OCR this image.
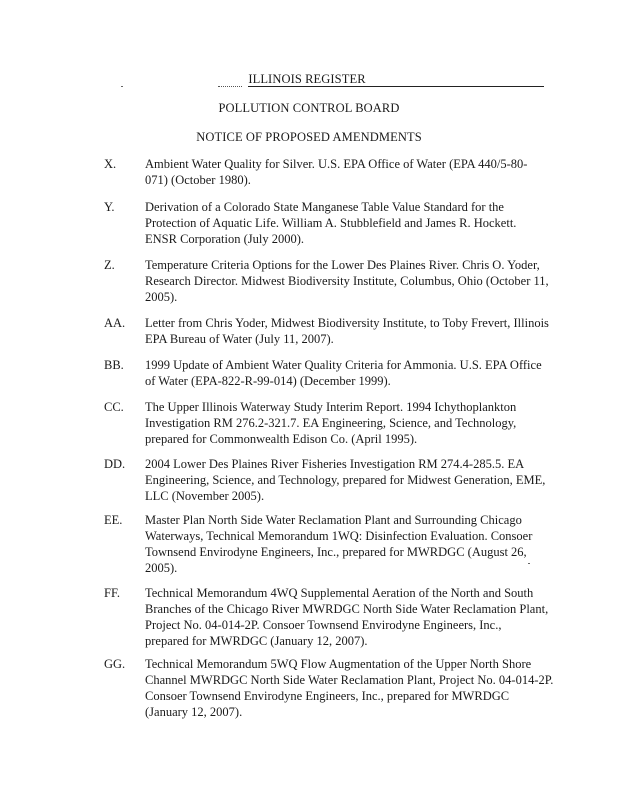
ILLINOIS REGISTER
POLLUTION CONTROL BOARD
NOTICE OF PROPOSED AMENDMENTS
X. Ambient Water Quality for Silver. U.S. EPA Office of Water (EPA 440/5-80-
071) (October 1980).
Y. Derivation of a Colorado State Manganese Table Value Standard for the
Protection of Aquatic Life. William A. Stubblefield and James R. Hockett.
ENSR Corporation (July 2000).
Z. Temperature Criteria Options for the Lower Des Plaines River. Chris O. Yoder,
Research Director. Midwest Biodiversity Institute, Columbus, Ohio (October 11,
2005).
AA. Letter from Chris Yoder, Midwest Biodiversity Institute, to Toby Frevert, Illinois
EPA Bureau of Water (July 11, 2007).
BB. 1999 Update of Ambient Water Quality Criteria for Ammonia. U.S. EPA Office
of Water (EPA-822-R-99-014) (December 1999).
CC. The Upper Illinois Waterway Study Interim Report. 1994 Ichythoplankton
Investigation RM 276.2-321.7. EA Engineering, Science, and Technology,
prepared for Commonwealth Edison Co. (April 1995).
DD. 2004 Lower Des Plaines River Fisheries Investigation RM 274.4-285.5. EA
Engineering, Science, and Technology, prepared for Midwest Generation, EME,
LLC (November 2005).
EE. Master Plan North Side Water Reclamation Plant and Surrounding Chicago
Waterways, Technical Memorandum 1WQ: Disinfection Evaluation. Consoer
Townsend Envirodyne Engineers, Inc., prepared for MWRDGC (August 26,
2005).
FF. Technical Memorandum 4WQ Supplemental Aeration of the North and South
Branches of the Chicago River MWRDGC North Side Water Reclamation Plant,
Project No. 04-014-2P. Consoer Townsend Envirodyne Engineers, Inc.,
prepared for MWRDGC (January 12, 2007).
GG. Technical Memorandum 5WQ Flow Augmentation of the Upper North Shore
Channel MWRDGC North Side Water Reclamation Plant, Project No. 04-014-2P.
Consoer Townsend Envirodyne Engineers, Inc., prepared for MWRDGC
(January 12, 2007).
